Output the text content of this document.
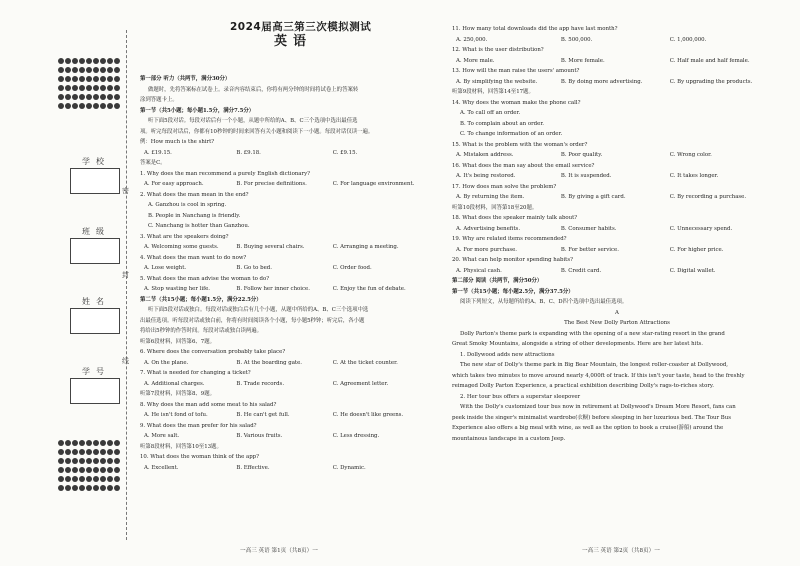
学校
班级
姓名
学号
密
封
线
2024届高三第三次模拟测试
英语
第一部分 听力（共两节，满分30分）
做题时，先将答案标在试卷上。录音内容结束后，你将有两分钟的时间将试卷上的答案转
涂到答题卡上。
第一节（共5小题；每小题1.5分，满分7.5分）
听下面5段对话。每段对话后有一个小题，从题中所给的A、B、C三个选项中选出最佳选
项。听完每段对话后，你都有10秒钟的时间来回答有关小题和阅读下一小题。每段对话仅读一遍。
例：How much is the shirt?
A. £19.15.	B. £9.18.	C. £9.15.
答案是C。
1. Why does the man recommend a purely English dictionary?
A. For easy approach.	B. For precise definitions.	C. For language environment.
2. What does the man mean in the end?
A. Ganzhou is cool in spring.
B. People in Nanchang is friendly.
C. Nanchang is hotter than Ganzhou.
3. What are the speakers doing?
A. Welcoming some guests.	B. Buying several chairs.	C. Arranging a meeting.
4. What does the man want to do now?
A. Lose weight.	B. Go to bed.	C. Order food.
5. What does the man advise the woman to do?
A. Stop wasting her life.	B. Follow her inner choice.	C. Enjoy the fun of debate.
第二节（共15小题；每小题1.5分，满分22.5分）
听下面5段对话或独白。每段对话或独白后有几个小题，从题中所给的A、B、C三个选项中选
出最佳选项。听每段对话或独白前，你将有时间阅读各个小题，每小题5秒钟；听完后，各小题
将给出5秒钟的作答时间。每段对话或独白读两遍。
听第6段材料，回答第6、7题。
6. Where does the conversation probably take place?
A. On the plane.	B. At the boarding gate.	C. At the ticket counter.
7. What is needed for changing a ticket?
A. Additional charges.	B. Trade records.	C. Agreement letter.
听第7段材料，回答第8、9题。
8. Why does the man add some meat to his salad?
A. He isn't fond of tofu.	B. He can't get full.	C. He doesn't like greens.
9. What does the man prefer for his salad?
A. More salt.	B. Various fruits.	C. Less dressing.
听第8段材料，回答第10至13题。
10. What does the woman think of the app?
A. Excellent.	B. Effective.	C. Dynamic.
一高三 英语 第1页（共8页）一
11. How many total downloads did the app have last month?
A. 250,000.	B. 500,000.	C. 1,000,000.
12. What is the user distribution?
A. More male.	B. More female.	C. Half male and half female.
13. How will the man raise the users' amount?
A. By simplifying the website.	B. By doing more advertising.	C. By upgrading the products.
听第9段材料，回答第14至17题。
14. Why does the woman make the phone call?
A. To call off an order.
B. To complain about an order.
C. To change information of an order.
15. What is the problem with the woman's order?
A. Mistaken address.	B. Poor quality.	C. Wrong color.
16. What does the man say about the email service?
A. It's being restored.	B. It is suspended.	C. It takes longer.
17. How does man solve the problem?
A. By returning the item.	B. By giving a gift card.	C. By recording a purchase.
听第10段材料，回答第18至20题。
18. What does the speaker mainly talk about?
A. Advertising benefits.	B. Consumer habits.	C. Unnecessary spend.
19. Why are related items recommended?
A. For more purchase.	B. For better service.	C. For higher price.
20. What can help monitor spending habits?
A. Physical cash.	B. Credit card.	C. Digital wallet.
第二部分 阅读（共两节，满分50分）
第一节（共15小题；每小题2.5分，满分37.5分）
阅读下列短文，从每题所给的A、B、C、D四个选项中选出最佳选项。
A
The Best New Dolly Parton Attractions
Dolly Parton's theme park is expanding with the opening of a new star-rating resort in the grand
Great Smoky Mountains, alongside a string of other developments. Here are her latest hits.
1. Dollywood adds new attractions
The new star of Dolly's theme park in Big Bear Mountain, the longest roller-coaster at Dollywood,
which takes two minutes to move around nearly 4,000ft of track. If this isn't your taste, head to the freshly
reimaged Dolly Parton Experience, a practical exhibition describing Dolly's rags-to-riches story.
2. Her tour bus offers a superstar sleepover
With the Dolly's customized tour bus now in retirement at Dollywood's Dream More Resort, fans can
peek inside the singer's minimalist wardrobe(衣橱) before sleeping in her luxurious bed. The Tour Bus
Experience also offers a big meal with wine, as well as the option to book a cruise(游船) around the
mountainous landscape in a custom Jeep.
一高三 英语 第2页（共8页）一
